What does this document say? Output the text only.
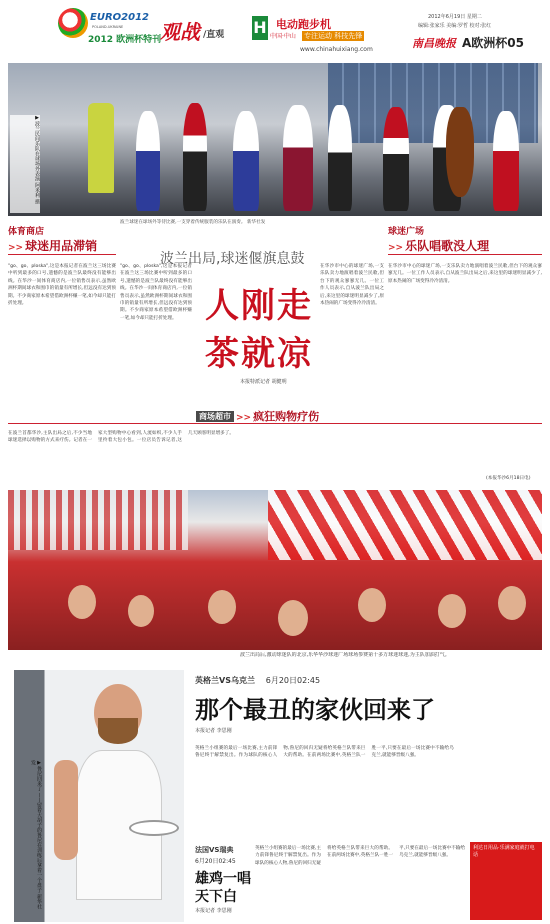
EURO2012
POLAND-UKRAINE
2012 欧洲杯特刊
观战 /直观 H 电动跑步机
中国·中山 专注运动 科技先锋
www.chinahuixiang.com
2012年6月19日 星期二
编辑:张家乐 美编:罗哲 校对:张红
南昌晚报 A欧洲杯05
▶波兰民间乐队在球场外表演 阿米利 摄
波兰球迷在球场外等待比赛,一支穿着传统服装的乐队在演奏。 新华社发
体育商店
>> 球迷用品滞销
"go、go、ploska",这是本报记者在波兰这三场比赛中听到最多的口号,遗憾的是波兰队最终没有能够出线。在华沙一间体育商店内,一位销售员表示,虽然欧洲杯期间球衣和围巾的销量有所增长,但远没有达到预期。不少商家原本希望借欧洲杯赚一笔,如今却只能打折处理。
波兰出局,球迷偃旗息鼓
人刚走
茶就凉
本报特派记者 胡健明
"go、go、ploska",这是本报记者在波兰这三场比赛中听到最多的口号,遗憾的是波兰队最终没有能够出线。在华沙一间体育商店内,一位销售员表示,虽然欧洲杯期间球衣和围巾的销量有所增长,但远没有达到预期。不少商家原本希望借欧洲杯赚一笔,如今却只能打折处理。
商场超市 >> 疯狂购物疗伤
球迷广场
>> 乐队唱歌没人理
在华沙市中心的球迷广场,一支乐队卖力地演唱着波兰民歌,但台下的观众寥寥无几。一位工作人员表示,自从波兰队出局之后,来这里的球迷明显减少了,原本热闹的广场变得冷冷清清。
在华沙市中心的球迷广场,一支乐队卖力地演唱着波兰民歌,但台下的观众寥寥无几。一位工作人员表示,自从波兰队出局之后,来这里的球迷明显减少了,原本热闹的广场变得冷冷清清。
在波兰首都华沙,主队出局之后,不少当地球迷选择以购物的方式来疗伤。记者在一家大型购物中心看到,人流如织,不少人手里拎着大包小包。一位店员告诉记者,这几天顾客明显增多了。
(本报华沙6月18日电)
波兰出局后,激动球迷队的北京,乐华华沙球迷广场球场参赛第十多万球迷球迷,为主队加油打气。
▶鲁尼回来了 ——留着大胡子的鲁尼在训练后拿着一个盘子 新华社发
英格兰VS乌克兰 6月20日02:45
那个最丑的家伙回来了
本报记者 李思刚
英格兰小组赛的最后一场比赛,主力前锋鲁尼终于解禁复出。作为球队的核心人物,鲁尼的回归无疑将给英格兰队带来巨大的帮助。在前两场比赛中,英格兰队一胜一平,只要在最后一场比赛中不输给乌克兰,就能够晋级八强。
法国VS瑞典
6月20日02:45
雄鸡一唱
天下白
本报记者 李思刚
英格兰小组赛的最后一场比赛,主力前锋鲁尼终于解禁复出。作为球队的核心人物,鲁尼的回归无疑将给英格兰队带来巨大的帮助。在前两场比赛中,英格兰队一胜一平,只要在最后一场比赛中不输给乌克兰,就能够晋级八强。
利达日用品·乐满家庭就打电话
